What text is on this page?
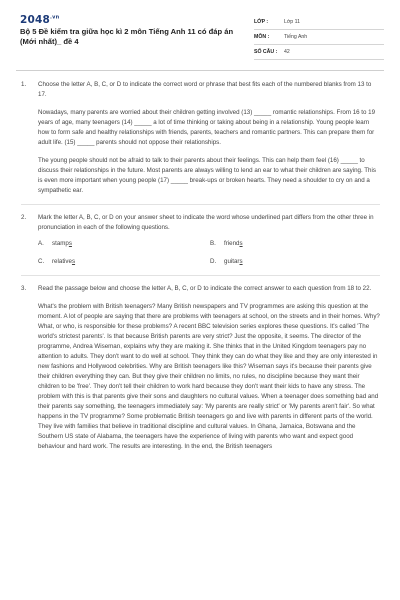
$2048^{.vn}$
Bộ 5 Đề kiểm tra giữa học kì 2 môn Tiếng Anh 11 có đáp án (Mới nhất)_ đề 4
LỚP :	Lớp 11
MÔN :	Tiếng Anh
SỐ CÂU :	42
1.	Choose the letter A, B, C, or D to indicate the correct word or phrase that best fits each of the numbered blanks from 13 to 17.
Nowadays, many parents are worried about their children getting involved (13) _____ romantic relationships. From 16 to 19 years of age, many teenagers (14) _____ a lot of time thinking or taking about being in a relationship. Young people learn how to form safe and healthy relationships with friends, parents, teachers and romantic partners. This can prepare them for adult life. (15) _____ parents should not oppose their relationships.
The young people should not be afraid to talk to their parents about their feelings. This can help them feel (16) _____ to discuss their relationships in the future. Most parents are always willing to lend an ear to what their children are saying. This is even more important when young people (17) _____ break-ups or broken hearts. They need a shoulder to cry on and a sympathetic ear.
2.	Mark the letter A, B, C, or D on your answer sheet to indicate the word whose underlined part differs from the other three in pronunciation in each of the following questions.
A.	stamps	B.	friends
C.	relatives	D.	guitars
3.	Read the passage below and choose the letter A, B, C, or D to indicate the correct answer to each question from 18 to 22.
What's the problem with British teenagers? Many British newspapers and TV programmes are asking this question at the moment. A lot of people are saying that there are problems with teenagers at school, on the streets and in their homes. Why? What, or who, is responsible for these problems? A recent BBC television series explores these questions. It's called 'The world's strictest parents'. Is that because British parents are very strict? Just the opposite, it seems. The director of the programme, Andrea Wiseman, explains why they are making it. She thinks that in the United Kingdom teenagers pay no attention to adults. They don't want to do well at school. They think they can do what they like and they are only interested in new fashions and Hollywood celebrities. Why are British teenagers like this? Wiseman says it's because their parents give their children everything they can. But they give their children no limits, no rules, no discipline because they want their children to be 'free'. They don't tell their children to work hard because they don't want their kids to have any stress. The problem with this is that parents give their sons and daughters no cultural values. When a teenager does something bad and their parents say something, the teenagers immediately say: 'My parents are really strict' or 'My parents aren't fair'. So what happens in the TV programme? Some problematic British teenagers go and live with parents in different parts of the world. They live with families that believe in traditional discipline and cultural values. In Ghana, Jamaica, Botswana and the Southern US state of Alabama, the teenagers have the experience of living with parents who want and expect good behaviour and hard work. The results are interesting. In the end, the British teenagers
